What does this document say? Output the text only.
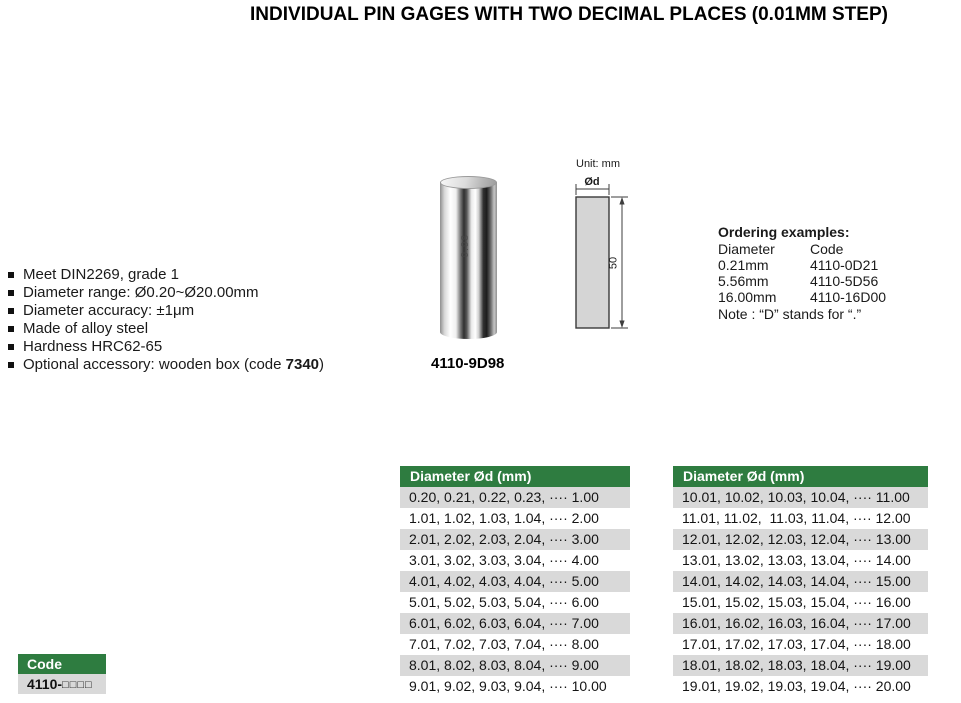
INDIVIDUAL PIN GAGES WITH TWO DECIMAL PLACES (0.01MM STEP)
Meet DIN2269, grade 1
Diameter range: Ø0.20~Ø20.00mm
Diameter accuracy: ±1μm
Made of alloy steel
Hardness HRC62-65
Optional accessory: wooden box (code 7340)
9.98
4110-9D98
Unit: mm
Ød
50
Ordering examples:
Diameter	Code
0.21mm	4110-0D21
5.56mm	4110-5D56
16.00mm	4110-16D00
Note : “D” stands for “.”
Diameter Ød (mm)
0.20, 0.21, 0.22, 0.23, ···· 1.00
1.01, 1.02, 1.03, 1.04, ···· 2.00
2.01, 2.02, 2.03, 2.04, ···· 3.00
3.01, 3.02, 3.03, 3.04, ···· 4.00
4.01, 4.02, 4.03, 4.04, ···· 5.00
5.01, 5.02, 5.03, 5.04, ···· 6.00
6.01, 6.02, 6.03, 6.04, ···· 7.00
7.01, 7.02, 7.03, 7.04, ···· 8.00
8.01, 8.02, 8.03, 8.04, ···· 9.00
9.01, 9.02, 9.03, 9.04, ···· 10.00
Diameter Ød (mm)
10.01, 10.02, 10.03, 10.04, ···· 11.00
11.01, 11.02,  11.03, 11.04, ···· 12.00
12.01, 12.02, 12.03, 12.04, ···· 13.00
13.01, 13.02, 13.03, 13.04, ···· 14.00
14.01, 14.02, 14.03, 14.04, ···· 15.00
15.01, 15.02, 15.03, 15.04, ···· 16.00
16.01, 16.02, 16.03, 16.04, ···· 17.00
17.01, 17.02, 17.03, 17.04, ···· 18.00
18.01, 18.02, 18.03, 18.04, ···· 19.00
19.01, 19.02, 19.03, 19.04, ···· 20.00
Code
4110-□□□□
